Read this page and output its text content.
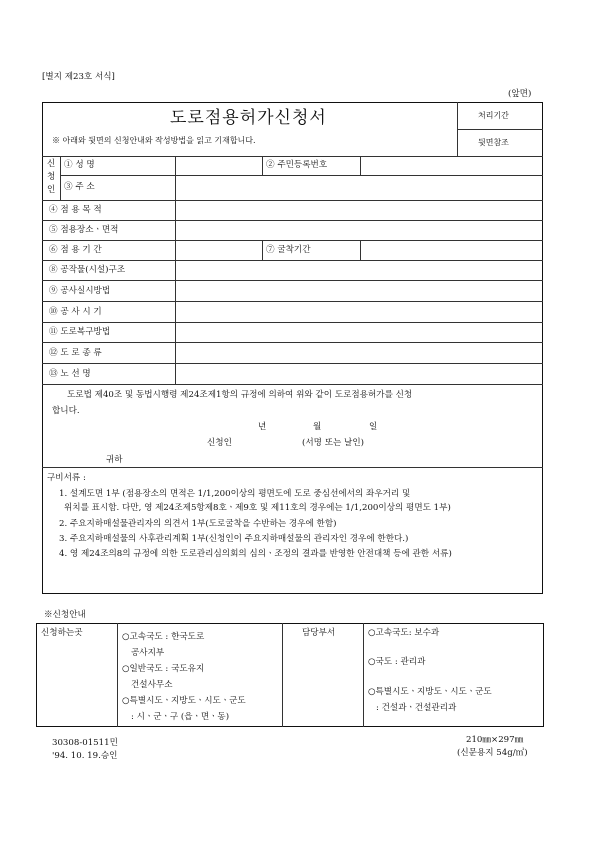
[별지 제23호 서식]
(앞면)
도로점용허가신청서
※ 아래와 뒷면의 신청안내와 작성방법을 읽고 기재합니다.
처리기간
뒷면참조
신
청
인
① 성 명	② 주민등록번호
③ 주 소
④ 점 용 목 적
⑤ 점용장소ㆍ면적
⑥ 점 용 기 간	⑦ 굴착기간
⑧ 공작물(시설)구조
⑨ 공사실시방법
⑩ 공 사 시 기
⑪ 도로복구방법
⑫ 도 로 종 류
⑬ 노 선 명
도로법 제40조 및 동법시행령 제24조제1항의 규정에 의하여 위와 같이 도로점용허가를 신청
합니다.
년	월	일
신청인	(서명 또는 날인)
귀하
구비서류 :
1. 설계도면 1부 (점용장소의 면적은 1/1,200이상의 평면도에 도로 중심선에서의 좌우거리 및
위치를 표시함. 다만, 영 제24조제5항제8호ㆍ제9호 및 제11호의 경우에는 1/1,200이상의 평면도 1부)
2. 주요지하매설물관리자의 의견서 1부(도로굴착을 수반하는 경우에 한함)
3. 주요지하매설물의 사후관리계획 1부(신청인이 주요지하매설물의 관리자인 경우에 한한다.)
4. 영 제24조의8의 규정에 의한 도로관리심의회의 심의ㆍ조정의 결과를 반영한 안전대책 등에 관한 서류)
※신청안내
신청하는곳	○고속국도 : 한국도로
공사지부
○일반국도 : 국도유지
건설사무소
○특별시도ㆍ지방도ㆍ시도ㆍ군도
: 시ㆍ군ㆍ구 (읍ㆍ면ㆍ동)
담당부서	○고속국도: 보수과
○국도 : 관리과
○특별시도ㆍ지방도ㆍ시도ㆍ군도
: 건설과ㆍ건설관리과
30308-01511민
'94. 10. 19.승인
210㎜×297㎜
(신문용지 54g/㎡)
